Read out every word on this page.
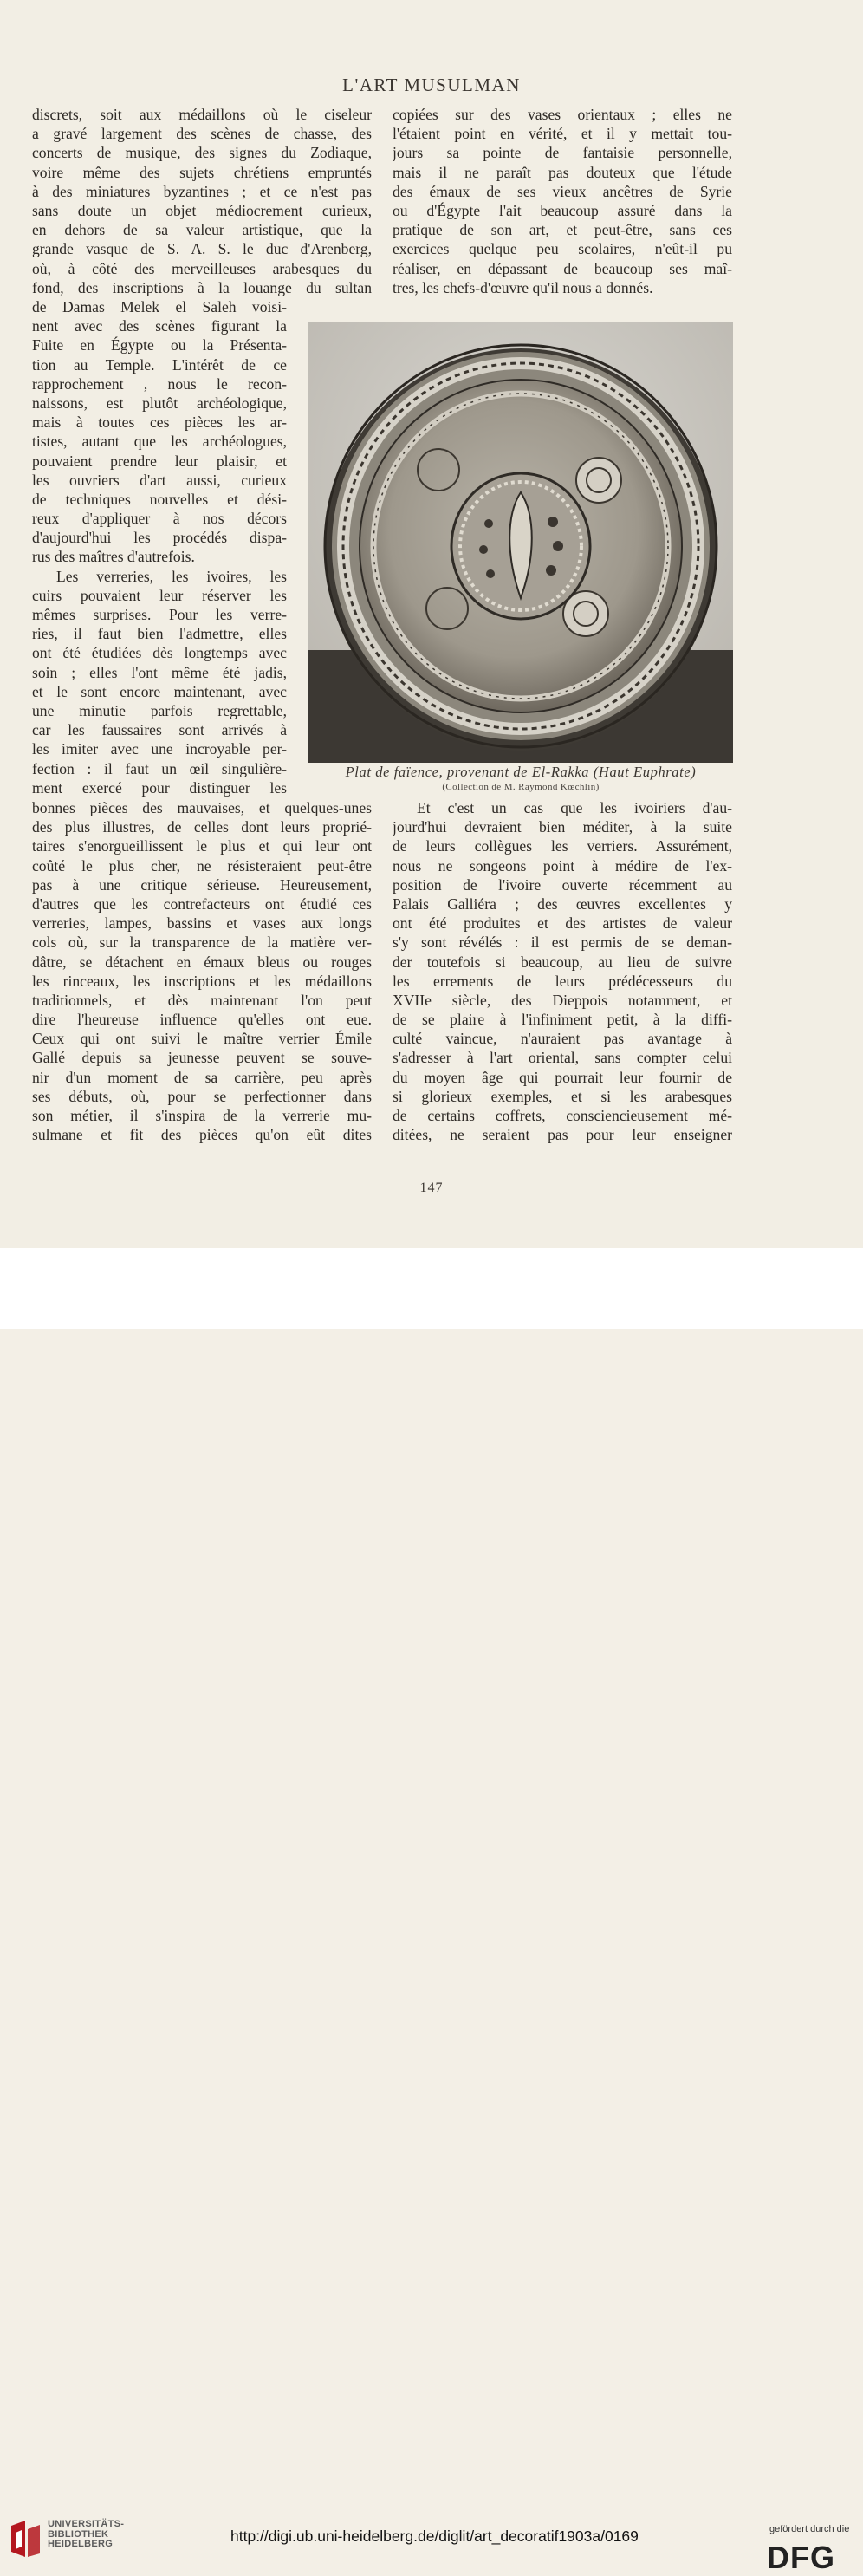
L'ART MUSULMAN
discrets, soit aux médaillons où le ciseleur
a gravé largement des scènes de chasse, des
concerts de musique, des signes du Zodiaque,
voire même des sujets chrétiens empruntés
à des miniatures byzantines ; et ce n'est pas
sans doute un objet médiocrement curieux,
en dehors de sa valeur artistique, que la
grande vasque de S. A. S. le duc d'Arenberg,
où, à côté des merveilleuses arabesques du
fond, des inscriptions à la louange du sultan
de Damas Melek el Saleh voisi-
nent avec des scènes figurant la
Fuite en Égypte ou la Présenta-
tion au Temple. L'intérêt de ce
rapprochement , nous le recon-
naissons, est plutôt archéologique,
mais à toutes ces pièces les ar-
tistes, autant que les archéologues,
pouvaient prendre leur plaisir, et
les ouvriers d'art aussi, curieux
de techniques nouvelles et dési-
reux d'appliquer à nos décors
d'aujourd'hui les procédés dispa-
rus des maîtres d'autrefois.
Les verreries, les ivoires, les
cuirs pouvaient leur réserver les
mêmes surprises. Pour les verre-
ries, il faut bien l'admettre, elles
ont été étudiées dès longtemps avec
soin ; elles l'ont même été jadis,
et le sont encore maintenant, avec
une minutie parfois regrettable,
car les faussaires sont arrivés à
les imiter avec une incroyable per-
fection : il faut un œil singulière-
ment exercé pour distinguer les
bonnes pièces des mauvaises, et quelques-unes
des plus illustres, de celles dont leurs proprié-
taires s'enorgueillissent le plus et qui leur ont
coûté le plus cher, ne résisteraient peut-être
pas à une critique sérieuse. Heureusement,
d'autres que les contrefacteurs ont étudié ces
verreries, lampes, bassins et vases aux longs
cols où, sur la transparence de la matière ver-
dâtre, se détachent en émaux bleus ou rouges
les rinceaux, les inscriptions et les médaillons
traditionnels, et dès maintenant l'on peut
dire l'heureuse influence qu'elles ont eue.
Ceux qui ont suivi le maître verrier Émile
Gallé depuis sa jeunesse peuvent se souve-
nir d'un moment de sa carrière, peu après
ses débuts, où, pour se perfectionner dans
son métier, il s'inspira de la verrerie mu-
sulmane et fit des pièces qu'on eût dites
copiées sur des vases orientaux ; elles ne
l'étaient point en vérité, et il y mettait tou-
jours sa pointe de fantaisie personnelle,
mais il ne paraît pas douteux que l'étude
des émaux de ses vieux ancêtres de Syrie
ou d'Égypte l'ait beaucoup assuré dans la
pratique de son art, et peut-être, sans ces
exercices quelque peu scolaires, n'eût-il pu
réaliser, en dépassant de beaucoup ses maî-
tres, les chefs-d'œuvre qu'il nous a donnés.
Et c'est un cas que les ivoiriers d'au-
jourd'hui devraient bien méditer, à la suite
de leurs collègues les verriers. Assurément,
nous ne songeons point à médire de l'ex-
position de l'ivoire ouverte récemment au
Palais Galliéra ; des œuvres excellentes y
ont été produites et des artistes de valeur
s'y sont révélés : il est permis de se deman-
der toutefois si beaucoup, au lieu de suivre
les errements de leurs prédécesseurs du
XVIIe siècle, des Dieppois notamment, et
de se plaire à l'infiniment petit, à la diffi-
culté vaincue, n'auraient pas avantage à
s'adresser à l'art oriental, sans compter celui
du moyen âge qui pourrait leur fournir de
si glorieux exemples, et si les arabesques
de certains coffrets, consciencieusement mé-
ditées, ne seraient pas pour leur enseigner
Plat de faïence, provenant de El-Rakka (Haut Euphrate)
(Collection de M. Raymond Kœchlin)
147
UNIVERSITÄTS-
BIBLIOTHEK
HEIDELBERG	http://digi.ub.uni-heidelberg.de/diglit/art_decoratif1903a/0169	gefördert durch die
DFG
